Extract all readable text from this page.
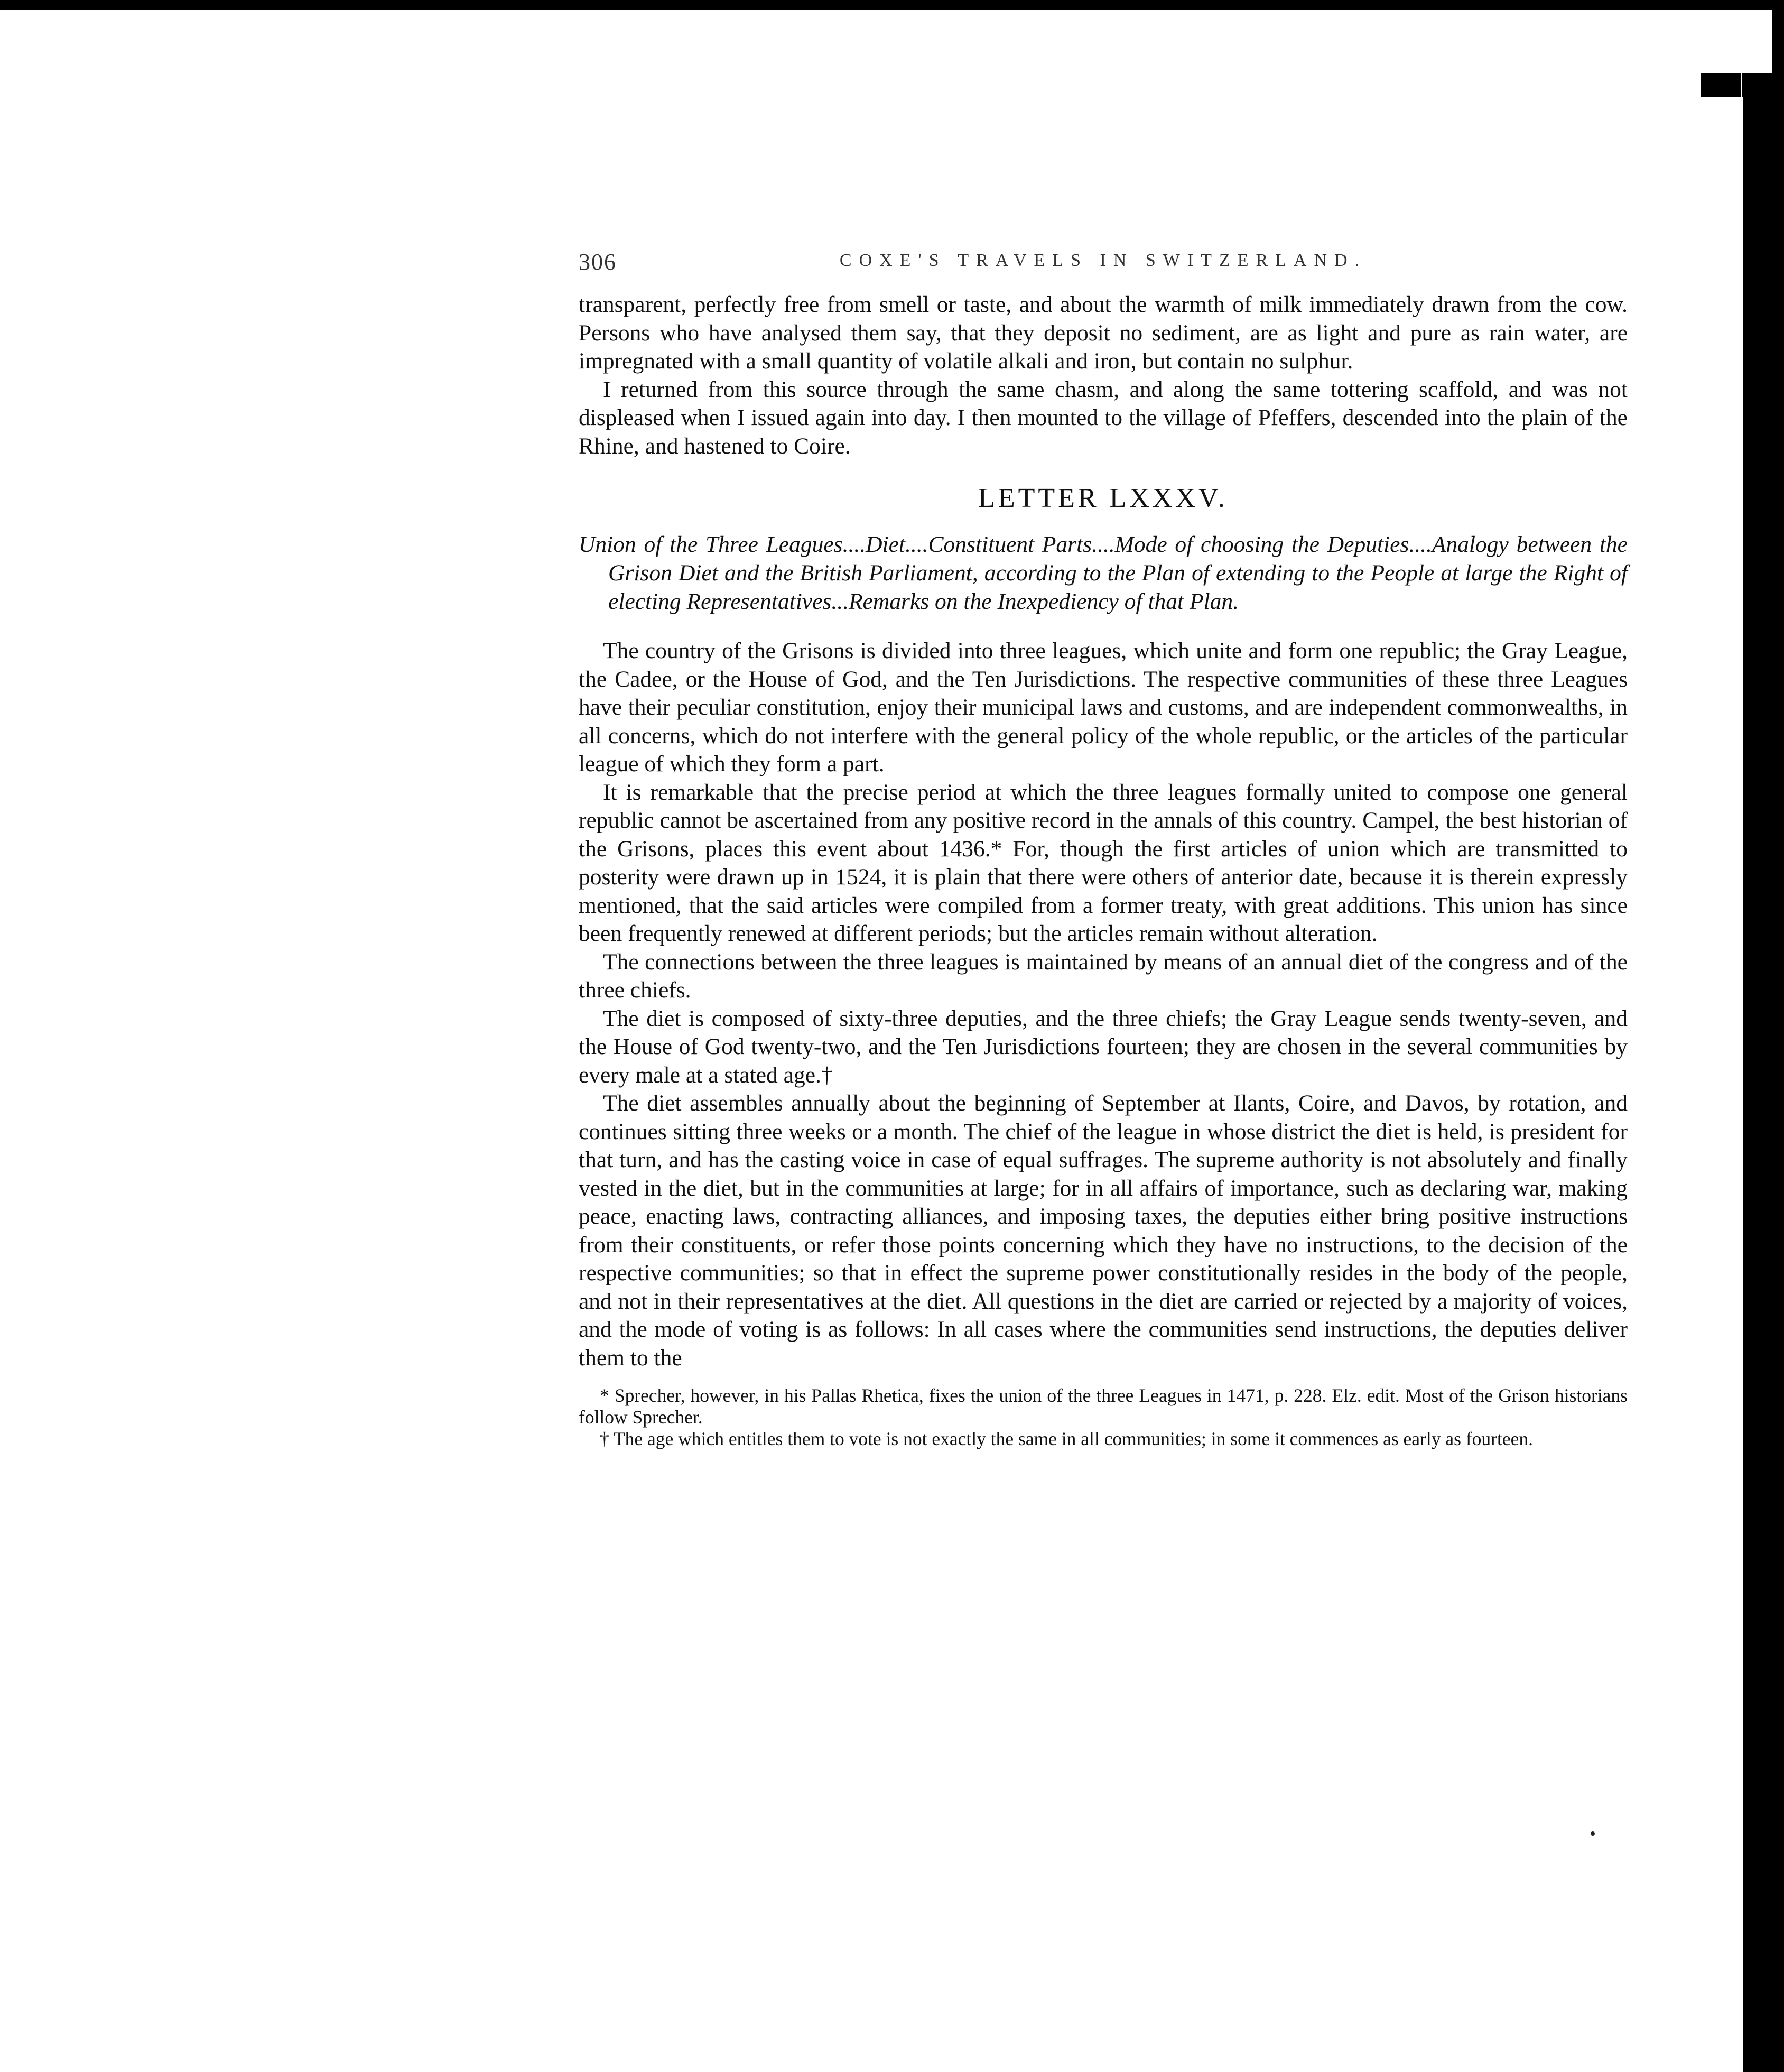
306	COXE'S TRAVELS IN SWITZERLAND.

transparent, perfectly free from smell or taste, and about the warmth of milk immediately drawn from the cow. Persons who have analysed them say, that they deposit no sediment, are as light and pure as rain water, are impregnated with a small quantity of volatile alkali and iron, but contain no sulphur.

I returned from this source through the same chasm, and along the same tottering scaffold, and was not displeased when I issued again into day. I then mounted to the village of Pfeffers, descended into the plain of the Rhine, and hastened to Coire.

LETTER LXXXV.

Union of the Three Leagues....Diet....Constituent Parts....Mode of choosing the Deputies....Analogy between the Grison Diet and the British Parliament, according to the Plan of extending to the People at large the Right of electing Representatives...Remarks on the Inexpediency of that Plan.

The country of the Grisons is divided into three leagues, which unite and form one republic; the Gray League, the Cadee, or the House of God, and the Ten Jurisdictions. The respective communities of these three Leagues have their peculiar constitution, enjoy their municipal laws and customs, and are independent commonwealths, in all concerns, which do not interfere with the general policy of the whole republic, or the articles of the particular league of which they form a part.

It is remarkable that the precise period at which the three leagues formally united to compose one general republic cannot be ascertained from any positive record in the annals of this country. Campel, the best historian of the Grisons, places this event about 1436.* For, though the first articles of union which are transmitted to posterity were drawn up in 1524, it is plain that there were others of anterior date, because it is therein expressly mentioned, that the said articles were compiled from a former treaty, with great additions. This union has since been frequently renewed at different periods; but the articles remain without alteration.

The connections between the three leagues is maintained by means of an annual diet of the congress and of the three chiefs.

The diet is composed of sixty-three deputies, and the three chiefs; the Gray League sends twenty-seven, and the House of God twenty-two, and the Ten Jurisdictions fourteen; they are chosen in the several communities by every male at a stated age.†

The diet assembles annually about the beginning of September at Ilants, Coire, and Davos, by rotation, and continues sitting three weeks or a month. The chief of the league in whose district the diet is held, is president for that turn, and has the casting voice in case of equal suffrages. The supreme authority is not absolutely and finally vested in the diet, but in the communities at large; for in all affairs of importance, such as declaring war, making peace, enacting laws, contracting alliances, and imposing taxes, the deputies either bring positive instructions from their constituents, or refer those points concerning which they have no instructions, to the decision of the respective communities; so that in effect the supreme power constitutionally resides in the body of the people, and not in their representatives at the diet. All questions in the diet are carried or rejected by a majority of voices, and the mode of voting is as follows: In all cases where the communities send instructions, the deputies deliver them to the

* Sprecher, however, in his Pallas Rhetica, fixes the union of the three Leagues in 1471, p. 228. Elz. edit. Most of the Grison historians follow Sprecher.

† The age which entitles them to vote is not exactly the same in all communities; in some it commences as early as fourteen.
